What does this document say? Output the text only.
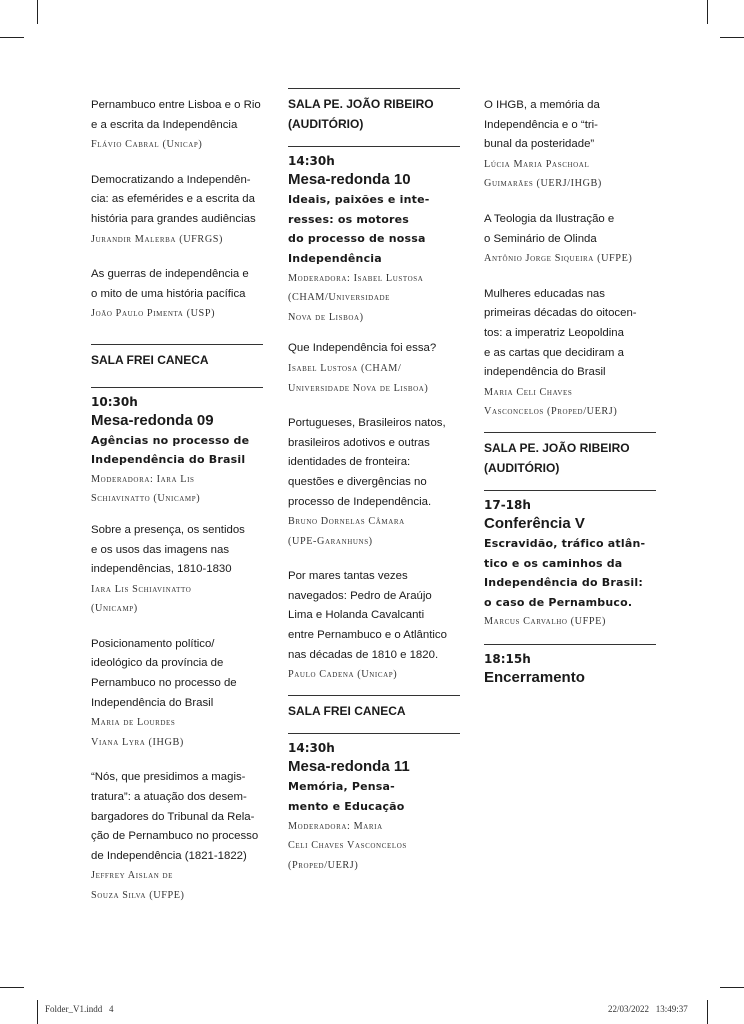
Pernambuco entre Lisboa e o Rio
e a escrita da Independência
Flávio Cabral (Unicap)
Democratizando a Independên-
cia: as efemérides e a escrita da
história para grandes audiências
Jurandir Malerba (UFRGS)
As guerras de independência e
o mito de uma história pacífica
João Paulo Pimenta (USP)
SALA FREI CANECA
10:30h
Mesa-redonda 09
Agências no processo de
Independência do Brasil
Moderadora: Iara Lis
Schiavinatto (Unicamp)
Sobre a presença, os sentidos
e os usos das imagens nas
independências, 1810-1830
Iara Lis Schiavinatto
(Unicamp)
Posicionamento político/
ideológico da província de
Pernambuco no processo de
Independência do Brasil
Maria de Lourdes
Viana Lyra (IHGB)
“Nós, que presidimos a magis-
tratura”: a atuação dos desem-
bargadores do Tribunal da Rela-
ção de Pernambuco no processo
de Independência (1821-1822)
Jeffrey Aislan de
Souza Silva (UFPE)
SALA PE. JOÃO RIBEIRO
(AUDITÓRIO)
14:30h
Mesa-redonda 10
Ideais, paixões e inte-
resses: os motores
do processo de nossa
Independência
Moderadora: Isabel Lustosa
(CHAM/Universidade
Nova de Lisboa)
Que Independência foi essa?
Isabel Lustosa (CHAM/
Universidade Nova de Lisboa)
Portugueses, Brasileiros natos,
brasileiros adotivos e outras
identidades de fronteira:
questões e divergências no
processo de Independência.
Bruno Dornelas Câmara
(UPE-Garanhuns)
Por mares tantas vezes
navegados: Pedro de Araújo
Lima e Holanda Cavalcanti
entre Pernambuco e o Atlântico
nas décadas de 1810 e 1820.
Paulo Cadena (Unicap)
SALA FREI CANECA
14:30h
Mesa-redonda 11
Memória, Pensa-
mento e Educação
Moderadora: Maria
Celi Chaves Vasconcelos
(Proped/UERJ)
O IHGB, a memória da
Independência e o “tri-
bunal da posteridade”
Lúcia Maria Paschoal
Guimarães (UERJ/IHGB)
A Teologia da Ilustração e
o Seminário de Olinda
Antônio Jorge Siqueira (UFPE)
Mulheres educadas nas
primeiras décadas do oitocen-
tos: a imperatriz Leopoldina
e as cartas que decidiram a
independência do Brasil
Maria Celi Chaves
Vasconcelos (Proped/UERJ)
SALA PE. JOÃO RIBEIRO
(AUDITÓRIO)
17-18h
Conferência V
Escravidão, tráfico atlân-
tico e os caminhos da
Independência do Brasil:
o caso de Pernambuco.
Marcus Carvalho (UFPE)
18:15h
Encerramento
Folder_V1.indd   4	22/03/2022   13:49:37
